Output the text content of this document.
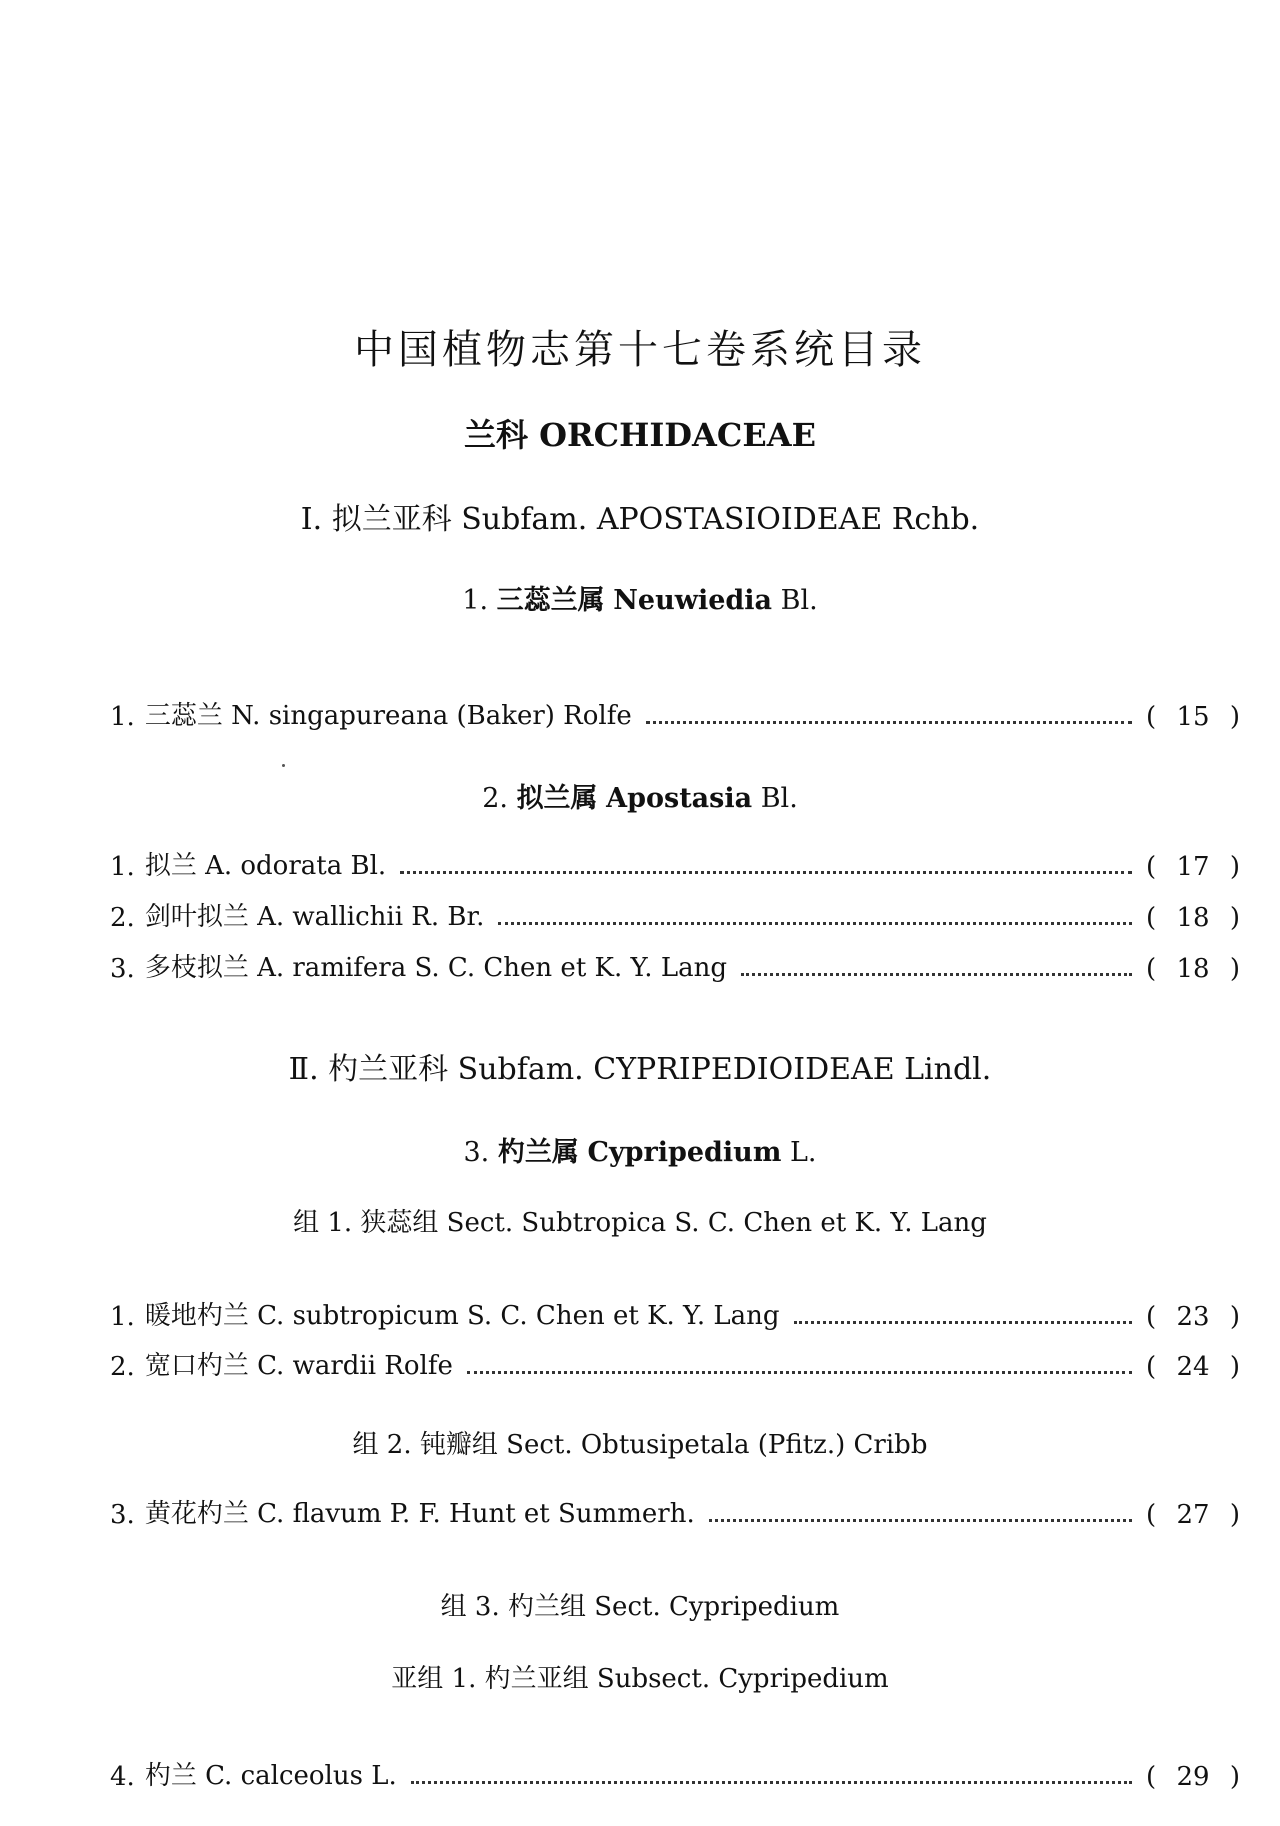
中国植物志第十七卷系统目录
兰科 ORCHIDACEAE
Ⅰ. 拟兰亚科 Subfam. APOSTASIOIDEAE Rchb.
1. 三蕊兰属 Neuwiedia Bl.
1. 三蕊兰 N. singapureana (Baker) Rolfe	( 15 )
2. 拟兰属 Apostasia Bl.
1. 拟兰 A. odorata Bl.	( 17 )
2. 剑叶拟兰 A. wallichii R. Br.	( 18 )
3. 多枝拟兰 A. ramifera S. C. Chen et K. Y. Lang	( 18 )
Ⅱ. 杓兰亚科 Subfam. CYPRIPEDIOIDEAE Lindl.
3. 杓兰属 Cypripedium L.
组 1. 狭蕊组 Sect. Subtropica S. C. Chen et K. Y. Lang
1. 暖地杓兰 C. subtropicum S. C. Chen et K. Y. Lang	( 23 )
2. 宽口杓兰 C. wardii Rolfe	( 24 )
组 2. 钝瓣组 Sect. Obtusipetala (Pfitz.) Cribb
3. 黄花杓兰 C. flavum P. F. Hunt et Summerh.	( 27 )
组 3. 杓兰组 Sect. Cypripedium
亚组 1. 杓兰亚组 Subsect. Cypripedium
4. 杓兰 C. calceolus L.	( 29 )
